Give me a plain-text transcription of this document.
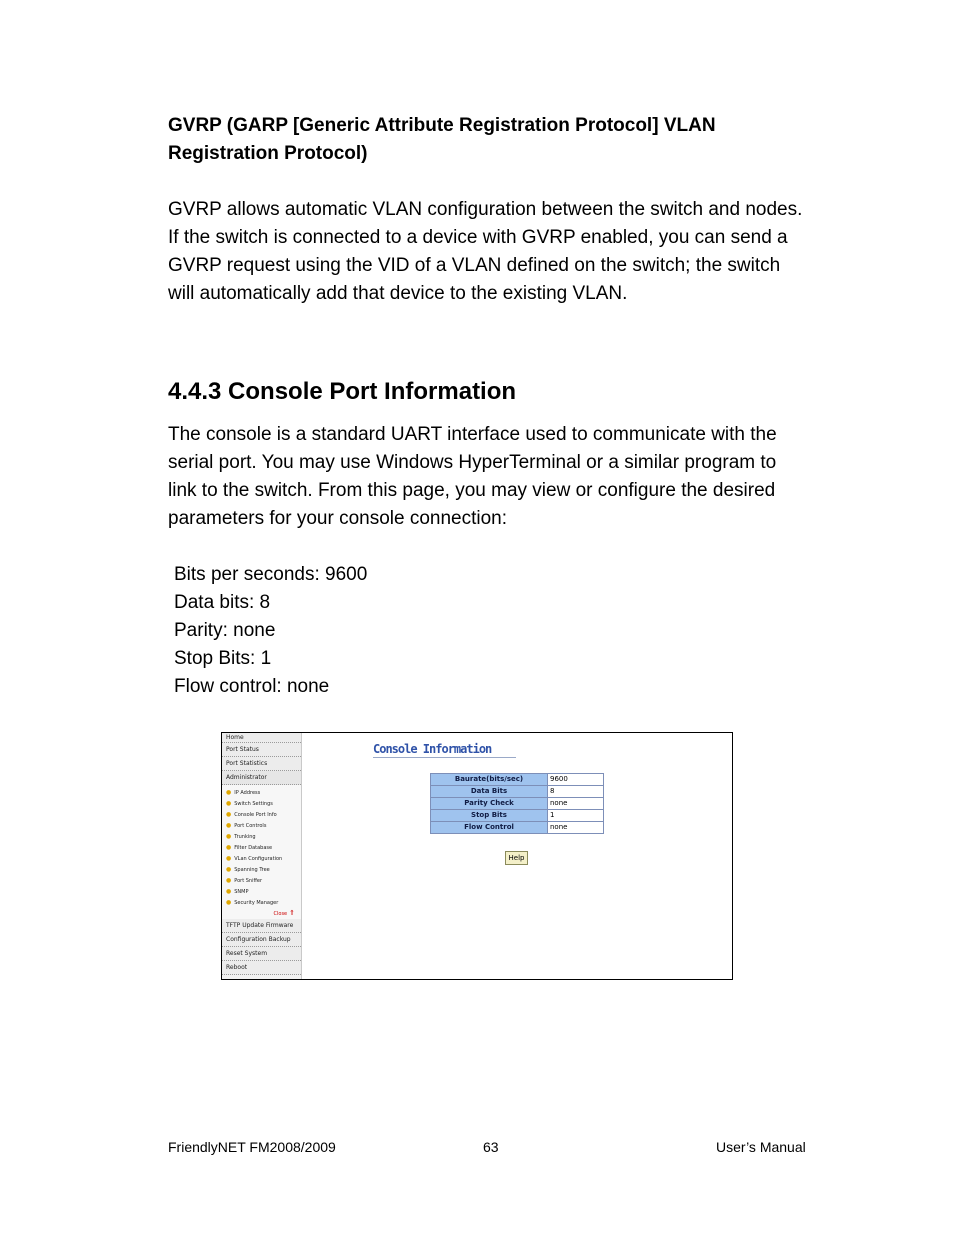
GVRP (GARP [Generic Attribute Registration Protocol] VLAN Registration Protocol)

GVRP allows automatic VLAN configuration between the switch and nodes. If the switch is connected to a device with GVRP enabled, you can send a GVRP request using the VID of a VLAN defined on the switch; the switch will automatically add that device to the existing VLAN.

4.4.3 Console Port Information

The console is a standard UART interface used to communicate with the serial port. You may use Windows HyperTerminal or a similar program to link to the switch. From this page, you may view or configure the desired parameters for your console connection:

Bits per seconds: 9600
Data bits: 8
Parity: none
Stop Bits: 1
Flow control: none
Home
Port Status
Port Statistics
Administrator
● IP Address
● Switch Settings
● Console Port Info
● Port Controls
● Trunking
● Filter Database
● VLan Configuration
● Spanning Tree
● Port Sniffer
● SNMP
● Security Manager
Close ⇑
TFTP Update Firmware
Configuration Backup
Reset System
Reboot
Console Information
Baurate(bits/sec)	9600
Data Bits	8
Parity Check	none
Stop Bits	1
Flow Control	none
Help
FriendlyNET FM2008/2009	63	User’s Manual
